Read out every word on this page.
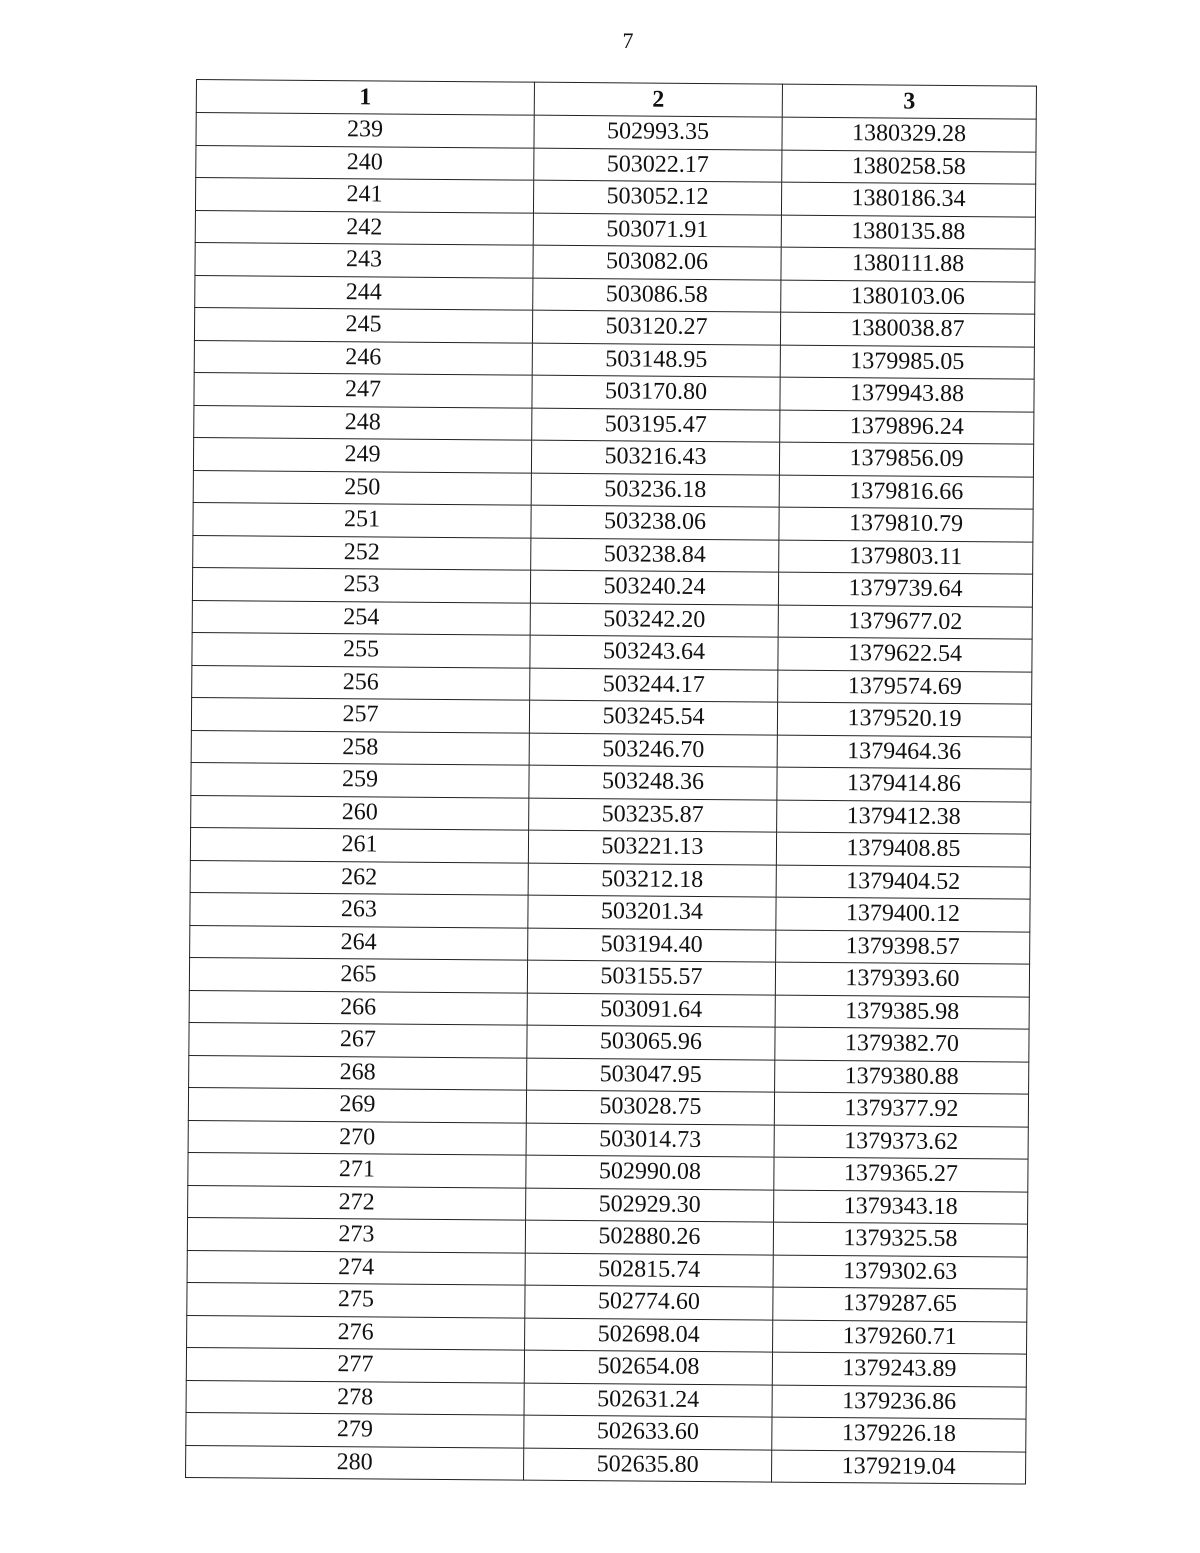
7
1	2	3
239	502993.35	1380329.28
240	503022.17	1380258.58
241	503052.12	1380186.34
242	503071.91	1380135.88
243	503082.06	1380111.88
244	503086.58	1380103.06
245	503120.27	1380038.87
246	503148.95	1379985.05
247	503170.80	1379943.88
248	503195.47	1379896.24
249	503216.43	1379856.09
250	503236.18	1379816.66
251	503238.06	1379810.79
252	503238.84	1379803.11
253	503240.24	1379739.64
254	503242.20	1379677.02
255	503243.64	1379622.54
256	503244.17	1379574.69
257	503245.54	1379520.19
258	503246.70	1379464.36
259	503248.36	1379414.86
260	503235.87	1379412.38
261	503221.13	1379408.85
262	503212.18	1379404.52
263	503201.34	1379400.12
264	503194.40	1379398.57
265	503155.57	1379393.60
266	503091.64	1379385.98
267	503065.96	1379382.70
268	503047.95	1379380.88
269	503028.75	1379377.92
270	503014.73	1379373.62
271	502990.08	1379365.27
272	502929.30	1379343.18
273	502880.26	1379325.58
274	502815.74	1379302.63
275	502774.60	1379287.65
276	502698.04	1379260.71
277	502654.08	1379243.89
278	502631.24	1379236.86
279	502633.60	1379226.18
280	502635.80	1379219.04
